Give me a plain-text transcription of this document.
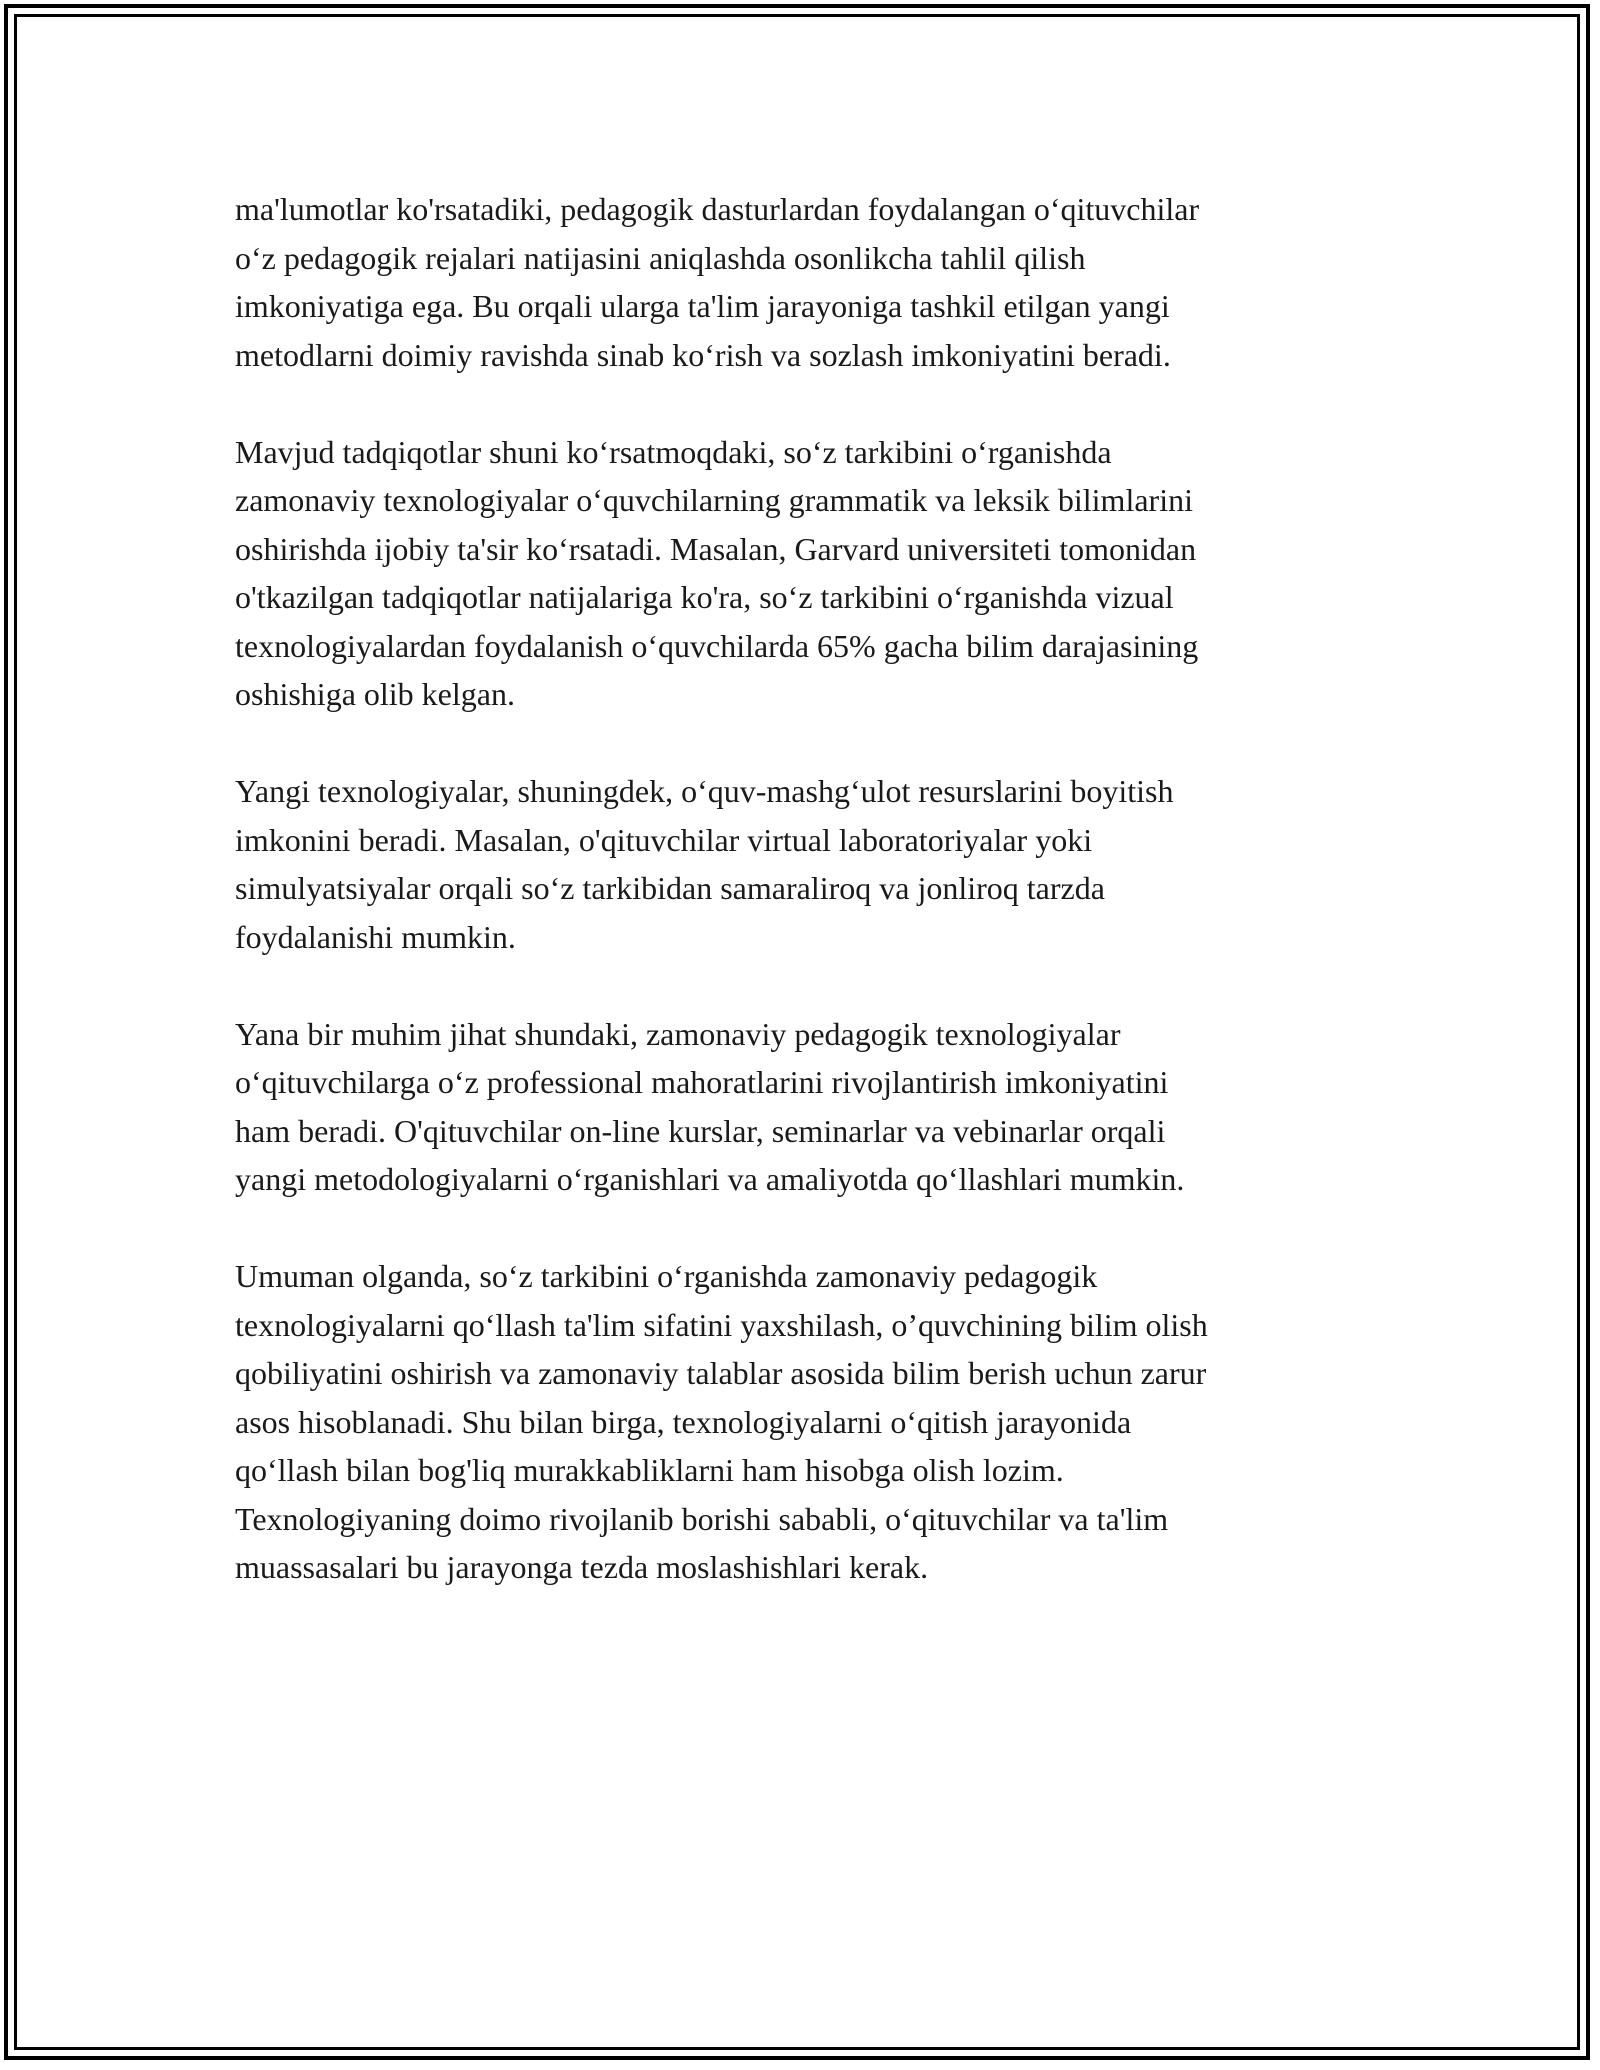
ma'lumotlar ko'rsatadiki, pedagogik dasturlardan foydalangan o‘qituvchilar
o‘z pedagogik rejalari natijasini aniqlashda osonlikcha tahlil qilish
imkoniyatiga ega. Bu orqali ularga ta'lim jarayoniga tashkil etilgan yangi
metodlarni doimiy ravishda sinab ko‘rish va sozlash imkoniyatini beradi.

Mavjud tadqiqotlar shuni ko‘rsatmoqdaki, so‘z tarkibini o‘rganishda
zamonaviy texnologiyalar o‘quvchilarning grammatik va leksik bilimlarini
oshirishda ijobiy ta'sir ko‘rsatadi. Masalan, Garvard universiteti tomonidan
o'tkazilgan tadqiqotlar natijalariga ko'ra, so‘z tarkibini o‘rganishda vizual
texnologiyalardan foydalanish o‘quvchilarda 65% gacha bilim darajasining
oshishiga olib kelgan.

Yangi texnologiyalar, shuningdek, o‘quv-mashg‘ulot resurslarini boyitish
imkonini beradi. Masalan, o'qituvchilar virtual laboratoriyalar yoki
simulyatsiyalar orqali so‘z tarkibidan samaraliroq va jonliroq tarzda
foydalanishi mumkin.

Yana bir muhim jihat shundaki, zamonaviy pedagogik texnologiyalar
o‘qituvchilarga o‘z professional mahoratlarini rivojlantirish imkoniyatini
ham beradi. O'qituvchilar on-line kurslar, seminarlar va vebinarlar orqali
yangi metodologiyalarni o‘rganishlari va amaliyotda qo‘llashlari mumkin.

Umuman olganda, so‘z tarkibini o‘rganishda zamonaviy pedagogik
texnologiyalarni qo‘llash ta'lim sifatini yaxshilash, o’quvchining bilim olish
qobiliyatini oshirish va zamonaviy talablar asosida bilim berish uchun zarur
asos hisoblanadi. Shu bilan birga, texnologiyalarni o‘qitish jarayonida
qo‘llash bilan bog'liq murakkabliklarni ham hisobga olish lozim.
Texnologiyaning doimo rivojlanib borishi sababli, o‘qituvchilar va ta'lim
muassasalari bu jarayonga tezda moslashishlari kerak.
